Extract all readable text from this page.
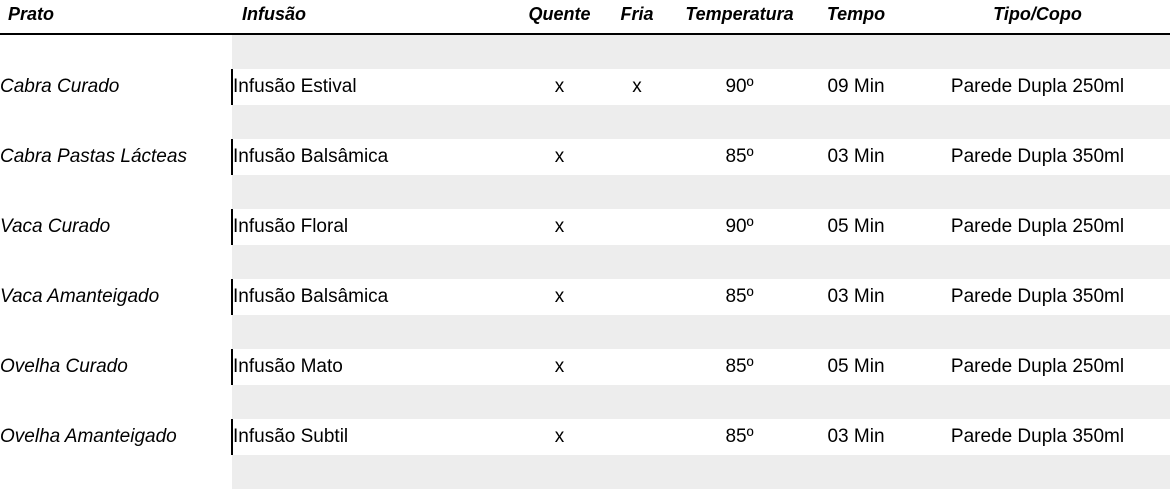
Prato	Infusão	Quente	Fria	Temperatura	Tempo	Tipo/Copo

Cabra Curado	Infusão Estival	x	x	90º	09 Min	Parede Dupla 250ml

Cabra Pastas Lácteas	Infusão Balsâmica	x		85º	03 Min	Parede Dupla 350ml

Vaca Curado	Infusão Floral	x		90º	05 Min	Parede Dupla 250ml

Vaca Amanteigado	Infusão Balsâmica	x		85º	03 Min	Parede Dupla 350ml

Ovelha Curado	Infusão Mato	x		85º	05 Min	Parede Dupla 250ml

Ovelha Amanteigado	Infusão Subtil	x		85º	03 Min	Parede Dupla 350ml
